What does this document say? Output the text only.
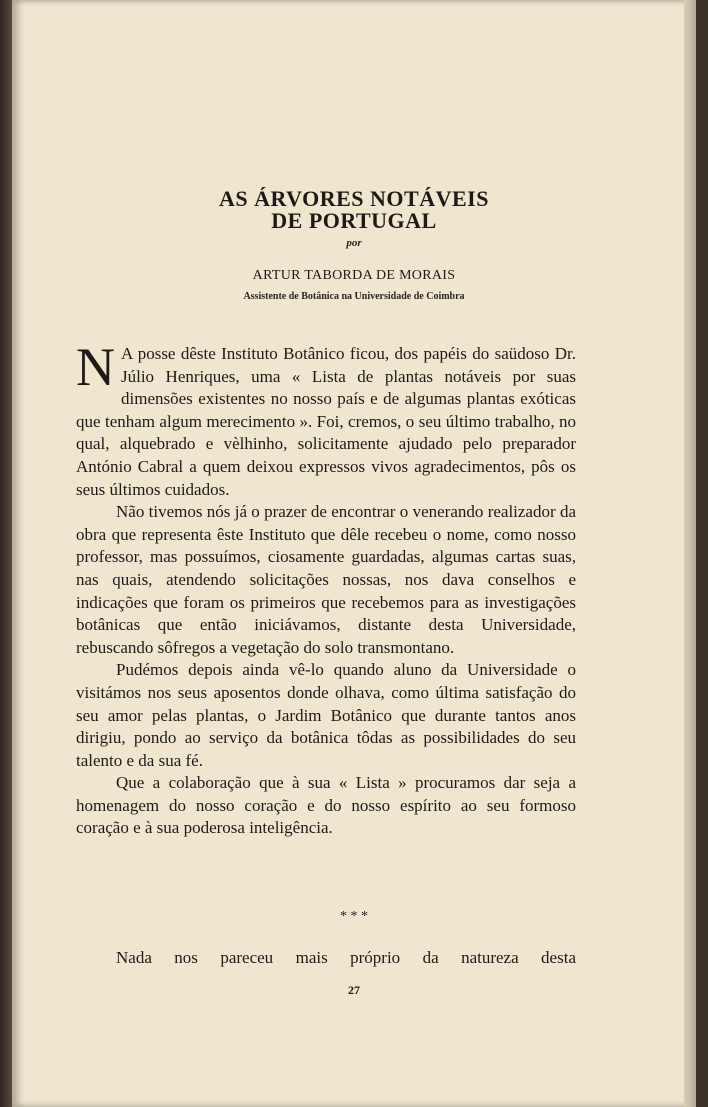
AS ÁRVORES NOTÁVEIS
DE PORTUGAL
por
ARTUR TABORDA DE MORAIS
Assistente de Botânica na Universidade de Coimbra

N A posse dêste Instituto Botânico ficou, dos papéis do saüdoso Dr. Júlio Henriques, uma « Lista de plantas notáveis por suas dimensões existentes no nosso país e de algumas plantas exóticas que tenham algum merecimento ». Foi, cremos, o seu último trabalho, no qual, alquebrado e vèlhinho, solicitamente ajudado pelo preparador António Cabral a quem deixou expressos vivos agradecimentos, pôs os seus últimos cuidados.

Não tivemos nós já o prazer de encontrar o venerando realizador da obra que representa êste Instituto que dêle recebeu o nome, como nosso professor, mas possuímos, ciosamente guardadas, algumas cartas suas, nas quais, atendendo solicitações nossas, nos dava conselhos e indicações que foram os primeiros que recebemos para as investigações botânicas que então iniciávamos, distante desta Universidade, rebuscando sôfregos a vegetação do solo transmontano.

Pudémos depois ainda vê-lo quando aluno da Universidade o visitámos nos seus aposentos donde olhava, como última satisfação do seu amor pelas plantas, o Jardim Botânico que durante tantos anos dirigiu, pondo ao serviço da botânica tôdas as possibilidades do seu talento e da sua fé.

Que a colaboração que à sua « Lista » procuramos dar seja a homenagem do nosso coração e do nosso espírito ao seu formoso coração e à sua poderosa inteligência.

* * *
Nada nos pareceu mais próprio da natureza desta
27
